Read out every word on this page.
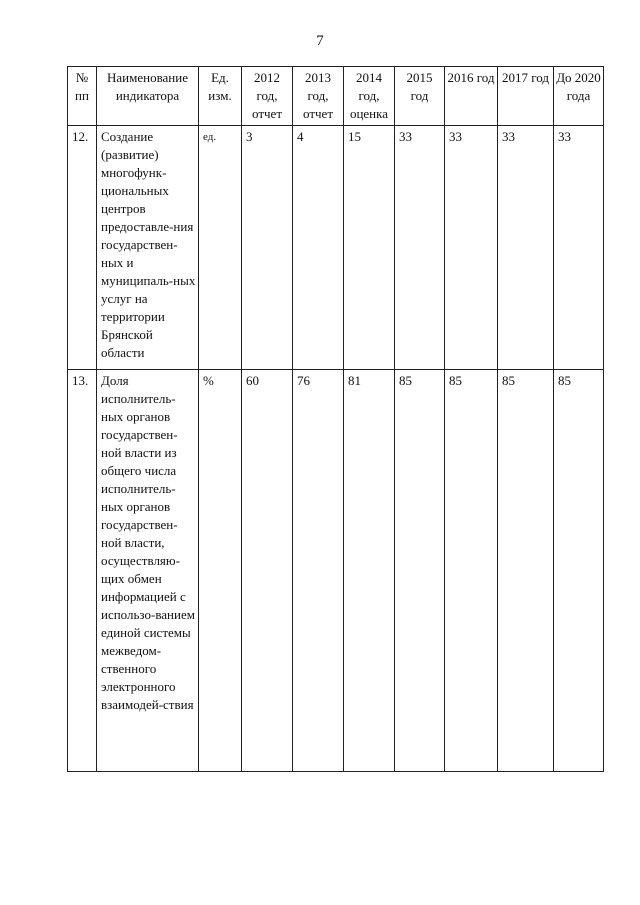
7
№ пп	Наименование индикатора	Ед. изм.	2012 год, отчет	2013 год, отчет	2014 год, оценка	2015 год	2016 год	2017 год	До 2020 года
12.	Создание (развитие) многофунк-циональных центров предоставле-ния государствен-ных и муниципаль-ных услуг на территории Брянской области	ед.	3	4	15	33	33	33	33
13.	Доля исполнитель-ных органов государствен-ной власти из общего числа исполнитель-ных органов государствен-ной власти, осуществляю-щих обмен информацией с использо-ванием единой системы межведом-ственного электронного взаимодей-ствия	%	60	76	81	85	85	85	85
